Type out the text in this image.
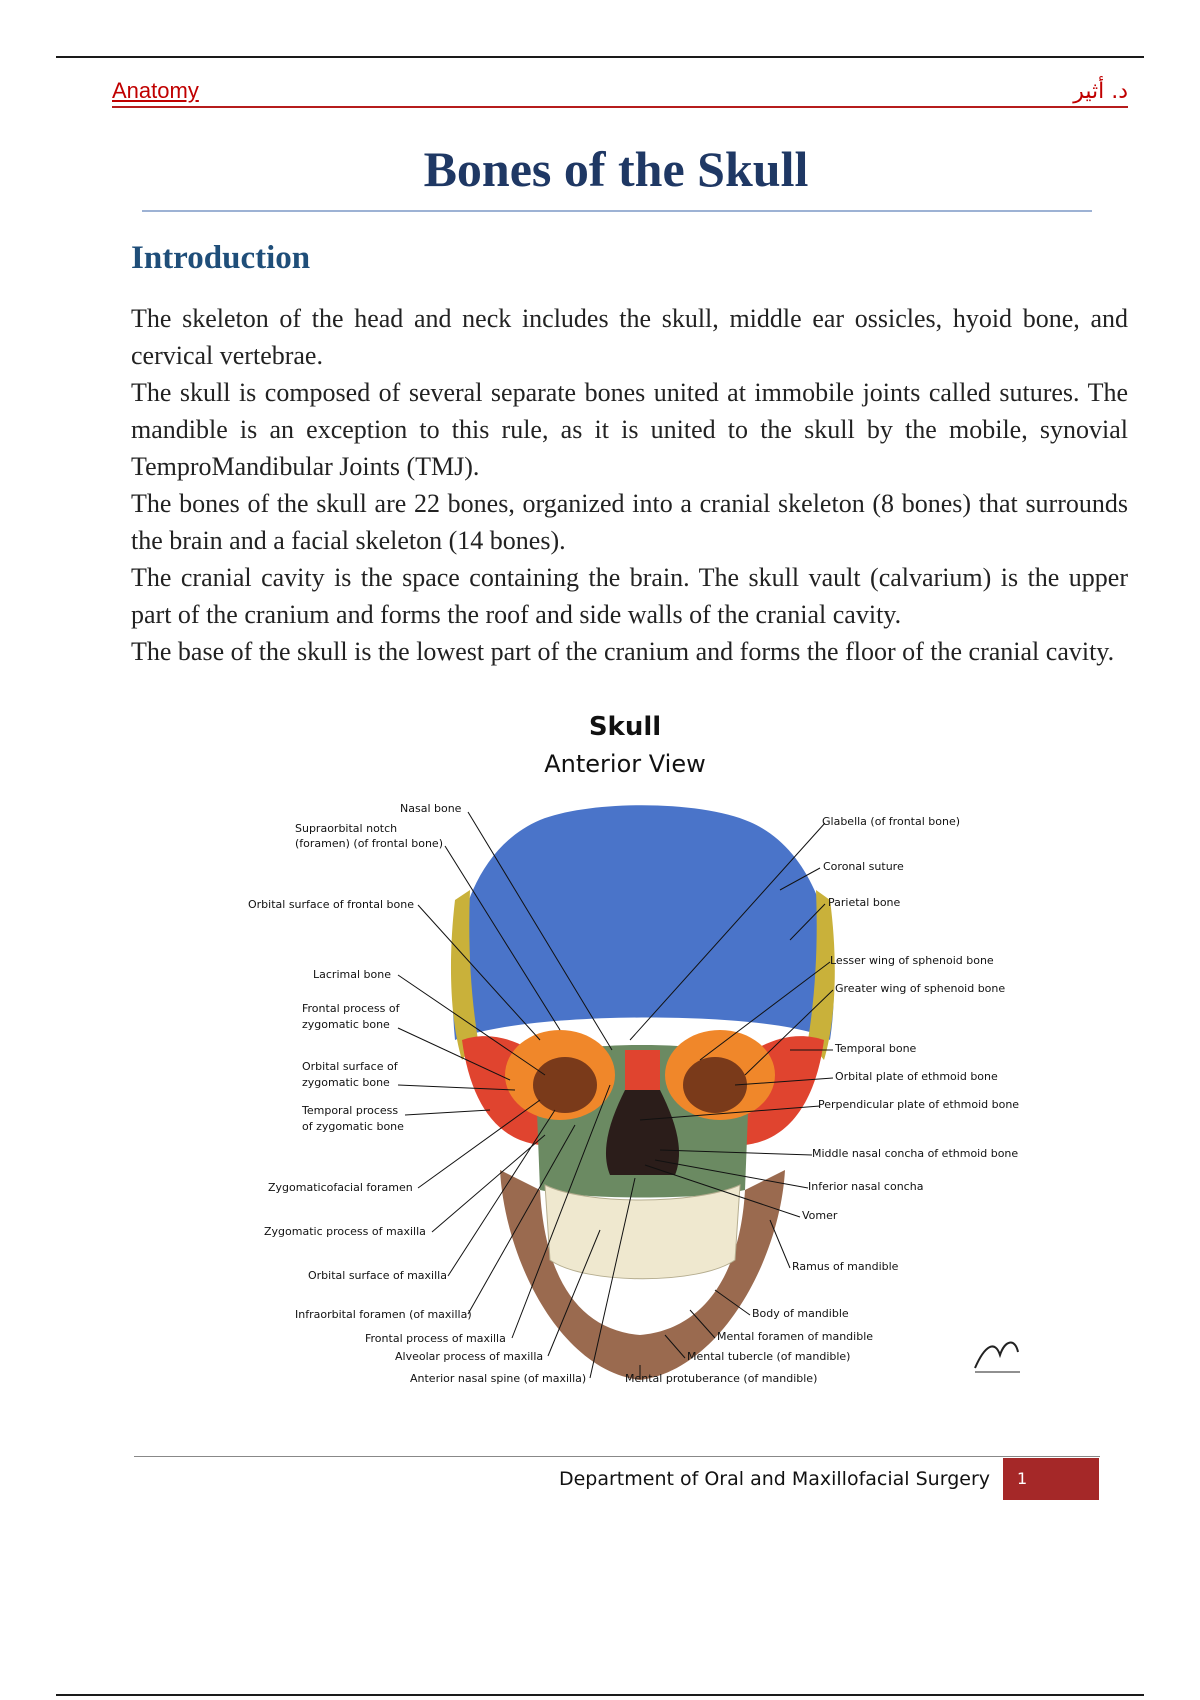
Anatomy	د. أثير
Bones of the Skull
Introduction

The skeleton of the head and neck includes the skull, middle ear ossicles, hyoid bone, and cervical vertebrae.

The skull is composed of several separate bones united at immobile joints called sutures. The mandible is an exception to this rule, as it is united to the skull by the mobile, synovial TemproMandibular Joints (TMJ).

The bones of the skull are 22 bones, organized into a cranial skeleton (8 bones) that surrounds the brain and a facial skeleton (14 bones).

The cranial cavity is the space containing the brain. The skull vault (calvarium) is the upper part of the cranium and forms the roof and side walls of the cranial cavity.

The base of the skull is the lowest part of the cranium and forms the floor of the cranial cavity.

Skull
Anterior View
Nasal bone
Supraorbital notch
(foramen) (of frontal bone)
Orbital surface of frontal bone
Lacrimal bone
Frontal process of
zygomatic bone
Orbital surface of
zygomatic bone
Temporal process
of zygomatic bone
Zygomaticofacial foramen
Zygomatic process of maxilla
Orbital surface of maxilla
Infraorbital foramen (of maxilla)
Frontal process of maxilla
Alveolar process of maxilla
Anterior nasal spine (of maxilla)
Glabella (of frontal bone)
Coronal suture
Parietal bone
Lesser wing of sphenoid bone
Greater wing of sphenoid bone
Temporal bone
Orbital plate of ethmoid bone
Perpendicular plate of ethmoid bone
Middle nasal concha of ethmoid bone
Inferior nasal concha
Vomer
Ramus of mandible
Body of mandible
Mental foramen of mandible
Mental tubercle (of mandible)
Mental protuberance (of mandible)
Department of Oral and Maxillofacial Surgery	1
